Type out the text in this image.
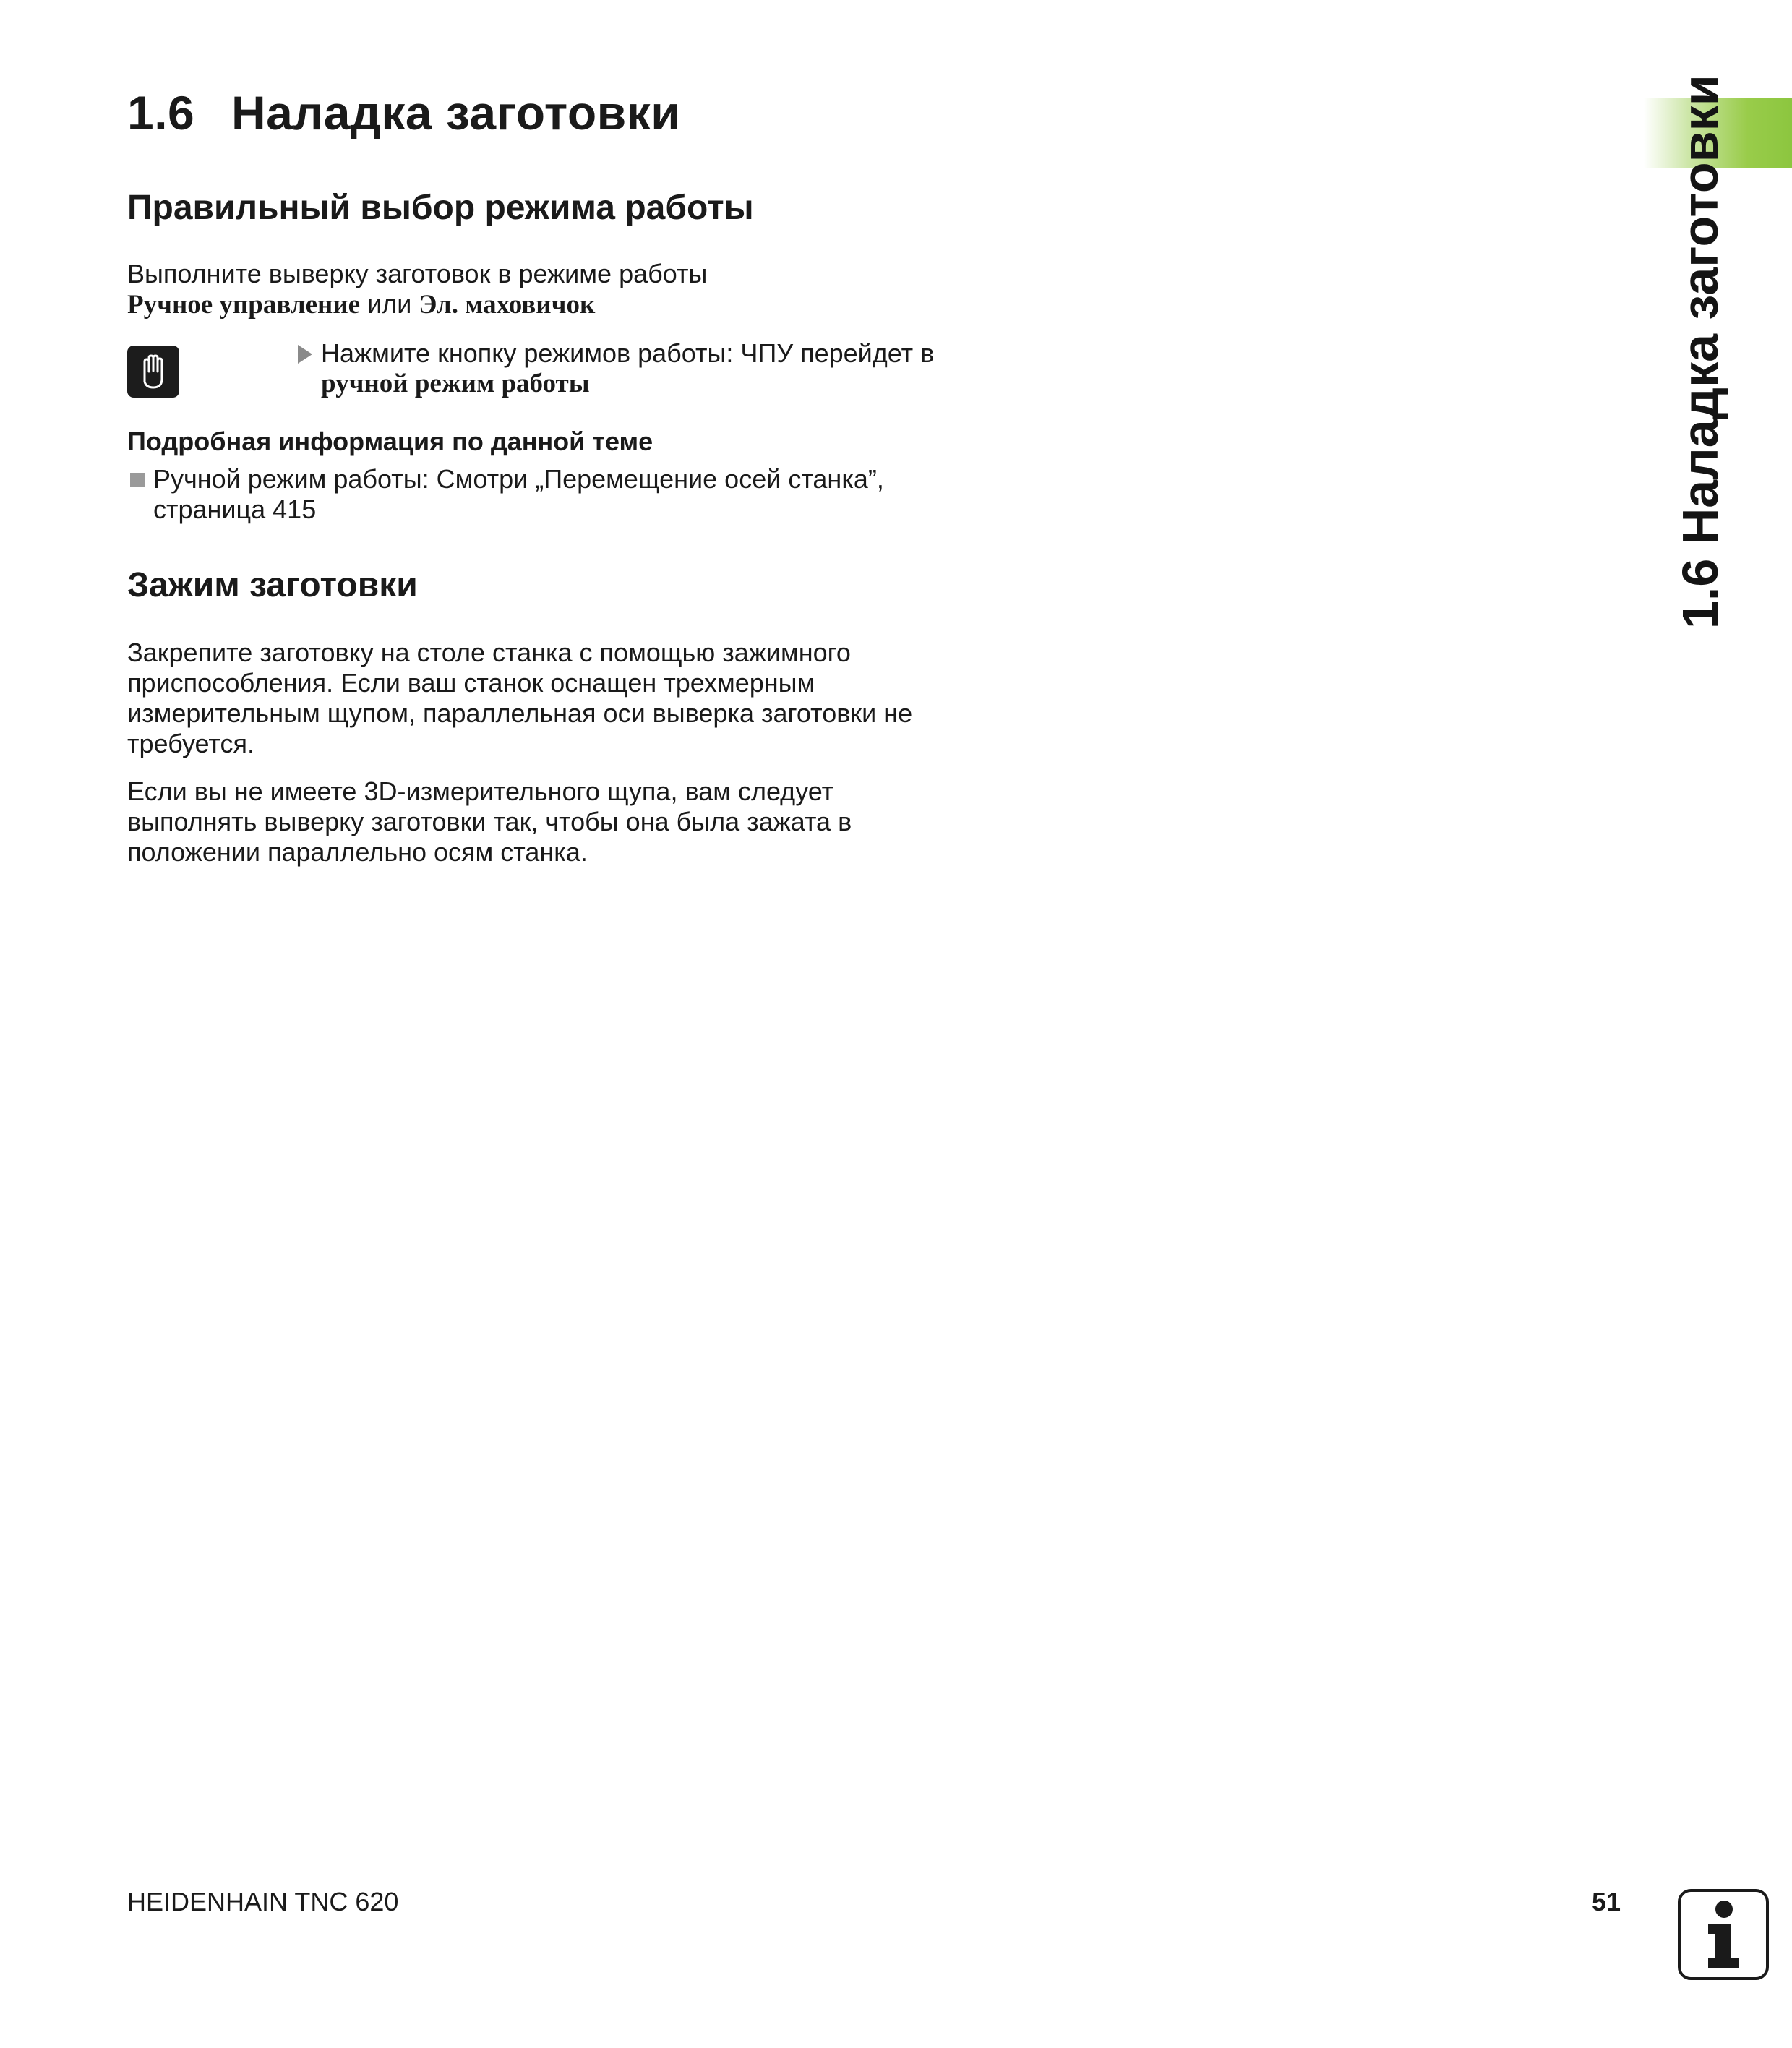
1.6 Наладка заготовки
Правильный выбор режима работы

Выполните выверку заготовок в режиме работы
Ручное управление или Эл. маховичок

Нажмите кнопку режимов работы: ЧПУ перейдет в
ручной режим работы
Подробная информация по данной теме
Ручной режим работы: Смотри „Перемещение осей станка”, страница 415
Зажим заготовки

Закрепите заготовку на столе станка с помощью зажимного приспособления. Если ваш станок оснащен трехмерным измерительным щупом, параллельная оси выверка заготовки не требуется.

Если вы не имеете 3D-измерительного щупа, вам следует выполнять выверку заготовки так, чтобы она была зажата в положении параллельно осям станка.

1.6 Наладка заготовки
HEIDENHAIN TNC 620	51
